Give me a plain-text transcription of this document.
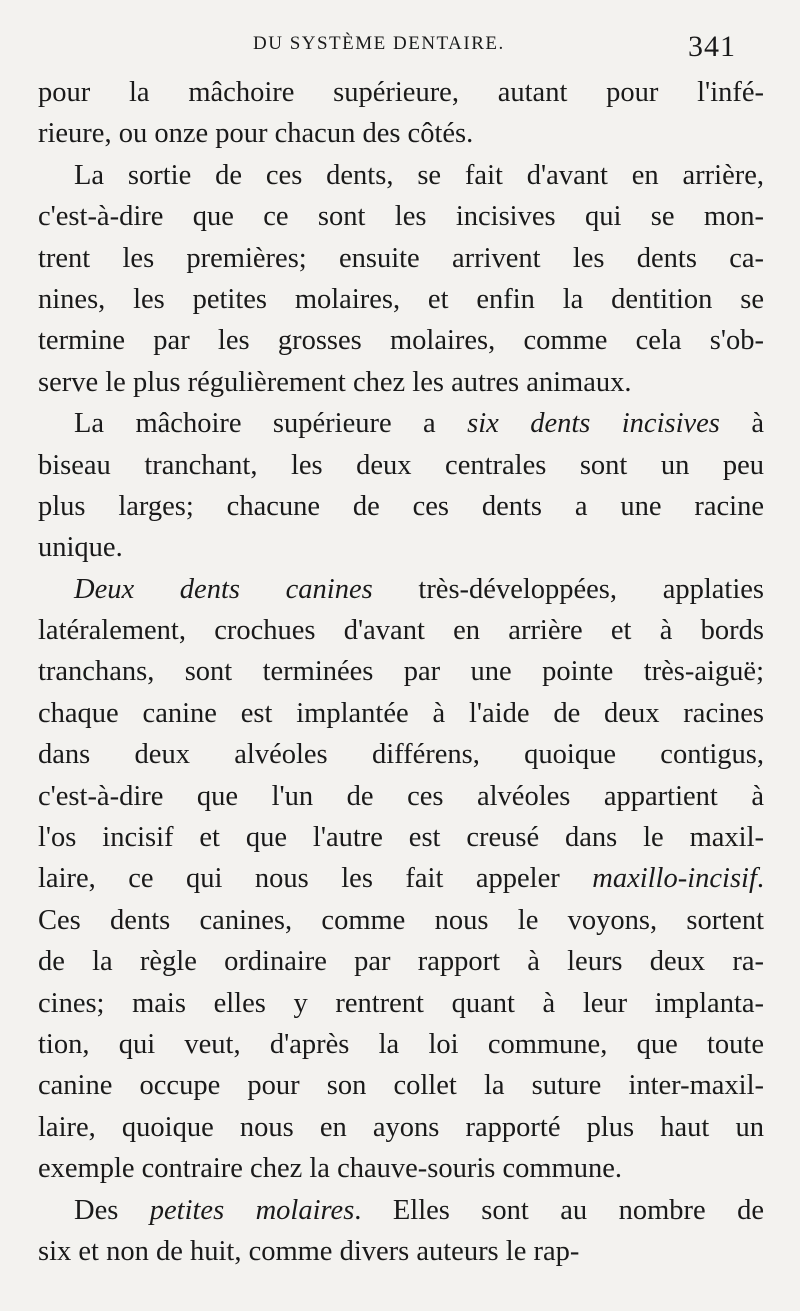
DU SYSTÈME DENTAIRE.	341
pour la mâchoire supérieure, autant pour l'infé-
rieure, ou onze pour chacun des côtés.
La sortie de ces dents, se fait d'avant en arrière,
c'est-à-dire que ce sont les incisives qui se mon-
trent les premières; ensuite arrivent les dents ca-
nines, les petites molaires, et enfin la dentition se
termine par les grosses molaires, comme cela s'ob-
serve le plus régulièrement chez les autres animaux.
La mâchoire supérieure a six dents incisives à
biseau tranchant, les deux centrales sont un peu
plus larges; chacune de ces dents a une racine
unique.
Deux dents canines très-développées, applaties
latéralement, crochues d'avant en arrière et à bords
tranchans, sont terminées par une pointe très-aiguë;
chaque canine est implantée à l'aide de deux racines
dans deux alvéoles différens, quoique contigus,
c'est-à-dire que l'un de ces alvéoles appartient à
l'os incisif et que l'autre est creusé dans le maxil-
laire, ce qui nous les fait appeler maxillo-incisif.
Ces dents canines, comme nous le voyons, sortent
de la règle ordinaire par rapport à leurs deux ra-
cines; mais elles y rentrent quant à leur implanta-
tion, qui veut, d'après la loi commune, que toute
canine occupe pour son collet la suture inter-maxil-
laire, quoique nous en ayons rapporté plus haut un
exemple contraire chez la chauve-souris commune.
Des petites molaires. Elles sont au nombre de
six et non de huit, comme divers auteurs le rap-
